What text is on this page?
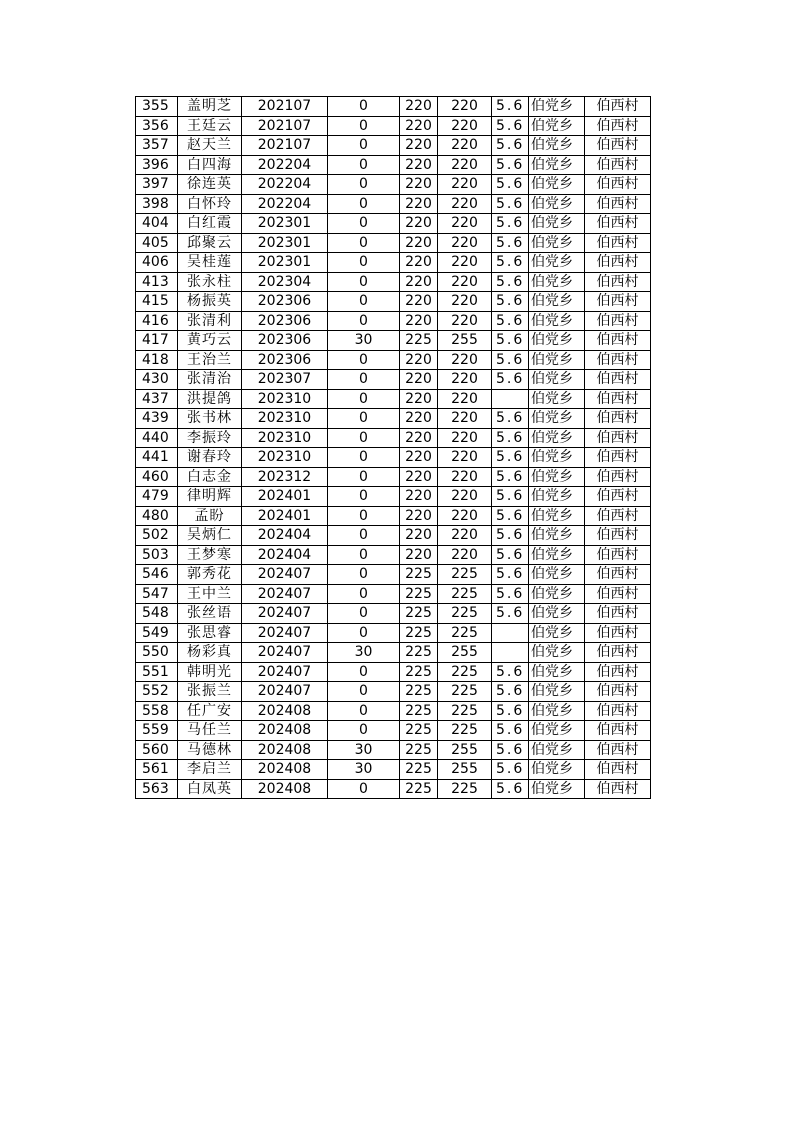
355	盖明芝	202107	0	220	220	5.6	伯党乡	伯西村
356	王廷云	202107	0	220	220	5.6	伯党乡	伯西村
357	赵天兰	202107	0	220	220	5.6	伯党乡	伯西村
396	白四海	202204	0	220	220	5.6	伯党乡	伯西村
397	徐连英	202204	0	220	220	5.6	伯党乡	伯西村
398	白怀玲	202204	0	220	220	5.6	伯党乡	伯西村
404	白红霞	202301	0	220	220	5.6	伯党乡	伯西村
405	邱聚云	202301	0	220	220	5.6	伯党乡	伯西村
406	吴桂莲	202301	0	220	220	5.6	伯党乡	伯西村
413	张永柱	202304	0	220	220	5.6	伯党乡	伯西村
415	杨振英	202306	0	220	220	5.6	伯党乡	伯西村
416	张清利	202306	0	220	220	5.6	伯党乡	伯西村
417	黄巧云	202306	30	225	255	5.6	伯党乡	伯西村
418	王治兰	202306	0	220	220	5.6	伯党乡	伯西村
430	张清治	202307	0	220	220	5.6	伯党乡	伯西村
437	洪提鸽	202310	0	220	220		伯党乡	伯西村
439	张书林	202310	0	220	220	5.6	伯党乡	伯西村
440	李振玲	202310	0	220	220	5.6	伯党乡	伯西村
441	谢春玲	202310	0	220	220	5.6	伯党乡	伯西村
460	白志金	202312	0	220	220	5.6	伯党乡	伯西村
479	律明辉	202401	0	220	220	5.6	伯党乡	伯西村
480	孟盼	202401	0	220	220	5.6	伯党乡	伯西村
502	吴炳仁	202404	0	220	220	5.6	伯党乡	伯西村
503	王梦寒	202404	0	220	220	5.6	伯党乡	伯西村
546	郭秀花	202407	0	225	225	5.6	伯党乡	伯西村
547	王中兰	202407	0	225	225	5.6	伯党乡	伯西村
548	张丝语	202407	0	225	225	5.6	伯党乡	伯西村
549	张思睿	202407	0	225	225		伯党乡	伯西村
550	杨彩真	202407	30	225	255		伯党乡	伯西村
551	韩明光	202407	0	225	225	5.6	伯党乡	伯西村
552	张振兰	202407	0	225	225	5.6	伯党乡	伯西村
558	任广安	202408	0	225	225	5.6	伯党乡	伯西村
559	马任兰	202408	0	225	225	5.6	伯党乡	伯西村
560	马德林	202408	30	225	255	5.6	伯党乡	伯西村
561	李启兰	202408	30	225	255	5.6	伯党乡	伯西村
563	白凤英	202408	0	225	225	5.6	伯党乡	伯西村
